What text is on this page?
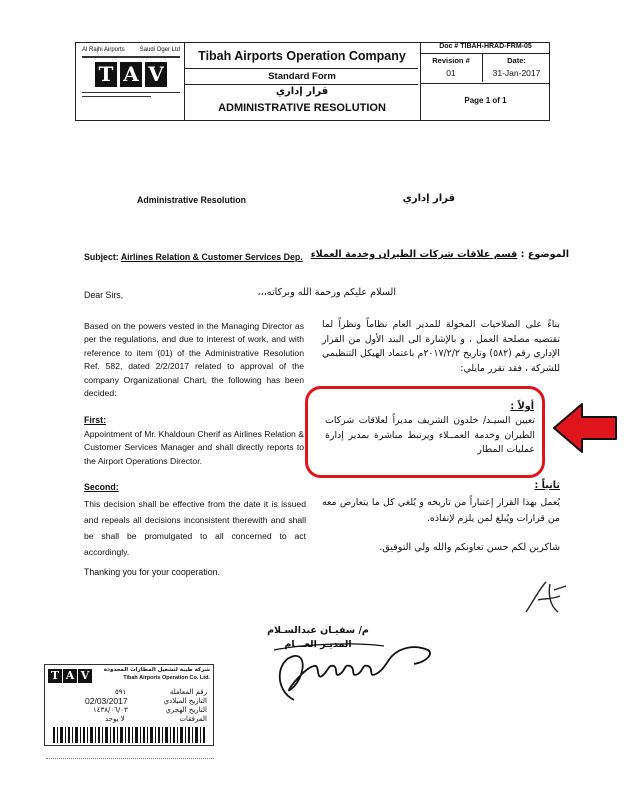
Al Rajhi Airports Saudi Oger Ltd
T A V
Tibah Airports Operation Company
Standard Form
قرار إداري
ADMINISTRATIVE RESOLUTION
Doc # TIBAH-HRAD-FRM-05
Revision #
01
Date:
31-Jan-2017
Page 1 of 1
Administrative Resolution	قرار إداري
Subject: Airlines Relation & Customer Services Dep.	الموضوع : قسم علاقات شركات الطيران وخدمة العملاء
Dear Sirs,	السلام عليكم ورحمة الله وبركاته،،،

Based on the powers vested in the Managing Director as per the regulations, and due to interest of work, and with reference to item (01) of the Administrative Resolution Ref. 582, dated 2/2/2017 related to approval of the company Organizational Chart, the following has been decided:

بناءً على الصلاحيات المخولة للمدير العام نظاماً ونظراً لما تقتضيه مصلحة العمل ، و بالإشارة الى البند الأول من القرار الإداري رقم (٥٨٢) وتاريخ ٢٠١٧/٢/٢م باعتماد الهيكل التنظيمي للشركة ، فقد تقرر مايلي:

First:

Appointment of Mr. Khaldoun Cherif as Airlines Relation & Customer Services Manager and shall directly reports to the Airport Operations Director.

أولاً :

تعيين السيـد/ خلدون الشريف مديراً لعلاقات شركات الطيران وخدمة العمــلاء ويرتبط مباشرة بمدير إدارة عمليات المطار

Second:

This decision shall be effective from the date it is issued and repeals all decisions inconsistent therewith and shall be shall be promulgated to all concerned to act accordingly.

ثانياً :

يُعمل بهذا القرار إعتباراً من تاريخه و يُلغي كل ما يتعارض معه من قرارات ويُبلغ لمن يلزم لإنفاذه.

Thanking you for your cooperation.
شاكرين لكم حسن تعاونكم والله ولي التوفيق.
م/ سفيـان عبدالسـلام
المديـر العـــام
T A V	شركة طيبة لتشغيل المطارات المحدودة
Tibah Airports Operation Co. Ltd.
رقم المعاملة
٥٩١
التاريخ الميلادي
02/03/2017
التاريخ الهجري
١٤٣٨/٠٦/٠٣
المرفقات
لا يوجد
